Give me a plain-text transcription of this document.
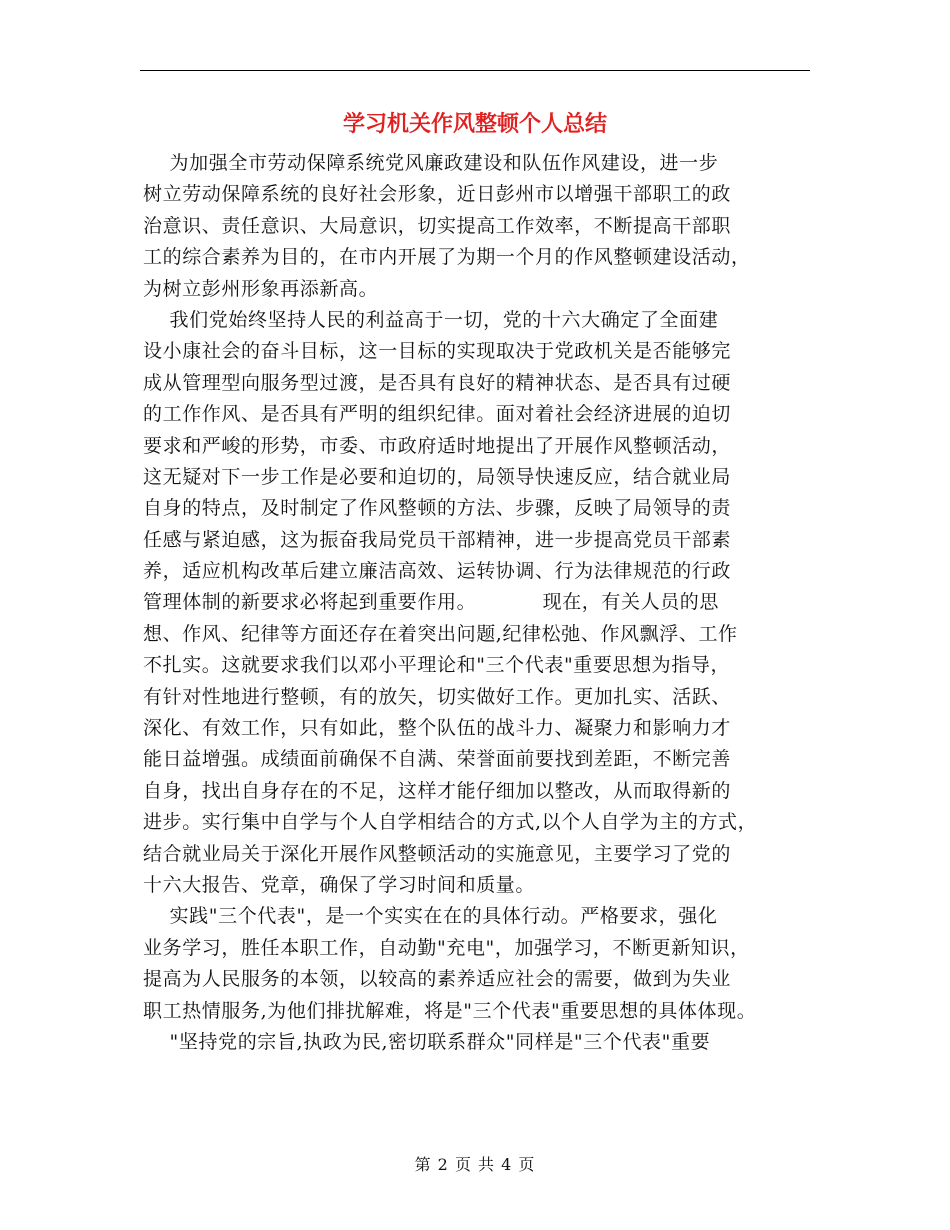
学习机关作风整顿个人总结
为加强全市劳动保障系统党风廉政建设和队伍作风建设，进一步
树立劳动保障系统的良好社会形象，近日彭州市以增强干部职工的政
治意识、责任意识、大局意识，切实提高工作效率，不断提高干部职
工的综合素养为目的，在市内开展了为期一个月的作风整顿建设活动，
为树立彭州形象再添新高。
我们党始终坚持人民的利益高于一切，党的十六大确定了全面建
设小康社会的奋斗目标，这一目标的实现取决于党政机关是否能够完
成从管理型向服务型过渡，是否具有良好的精神状态、是否具有过硬
的工作作风、是否具有严明的组织纪律。面对着社会经济进展的迫切
要求和严峻的形势，市委、市政府适时地提出了开展作风整顿活动，
这无疑对下一步工作是必要和迫切的，局领导快速反应，结合就业局
自身的特点，及时制定了作风整顿的方法、步骤，反映了局领导的责
任感与紧迫感，这为振奋我局党员干部精神，进一步提高党员干部素
养，适应机构改革后建立廉洁高效、运转协调、行为法律规范的行政
管理体制的新要求必将起到重要作用。          现在，有关人员的思
想、作风、纪律等方面还存在着突出问题,纪律松弛、作风飘浮、工作
不扎实。这就要求我们以邓小平理论和"三个代表"重要思想为指导，
有针对性地进行整顿，有的放矢，切实做好工作。更加扎实、活跃、
深化、有效工作，只有如此，整个队伍的战斗力、凝聚力和影响力才
能日益增强。成绩面前确保不自满、荣誉面前要找到差距，不断完善
自身，找出自身存在的不足，这样才能仔细加以整改，从而取得新的
进步。实行集中自学与个人自学相结合的方式,以个人自学为主的方式，
结合就业局关于深化开展作风整顿活动的实施意见，主要学习了党的
十六大报告、党章，确保了学习时间和质量。
实践"三个代表"，是一个实实在在的具体行动。严格要求，强化
业务学习，胜任本职工作，自动勤"充电"，加强学习，不断更新知识，
提高为人民服务的本领，以较高的素养适应社会的需要，做到为失业
职工热情服务,为他们排扰解难，将是"三个代表"重要思想的具体体现。
"坚持党的宗旨,执政为民,密切联系群众"同样是"三个代表"重要
第 2 页 共 4 页
